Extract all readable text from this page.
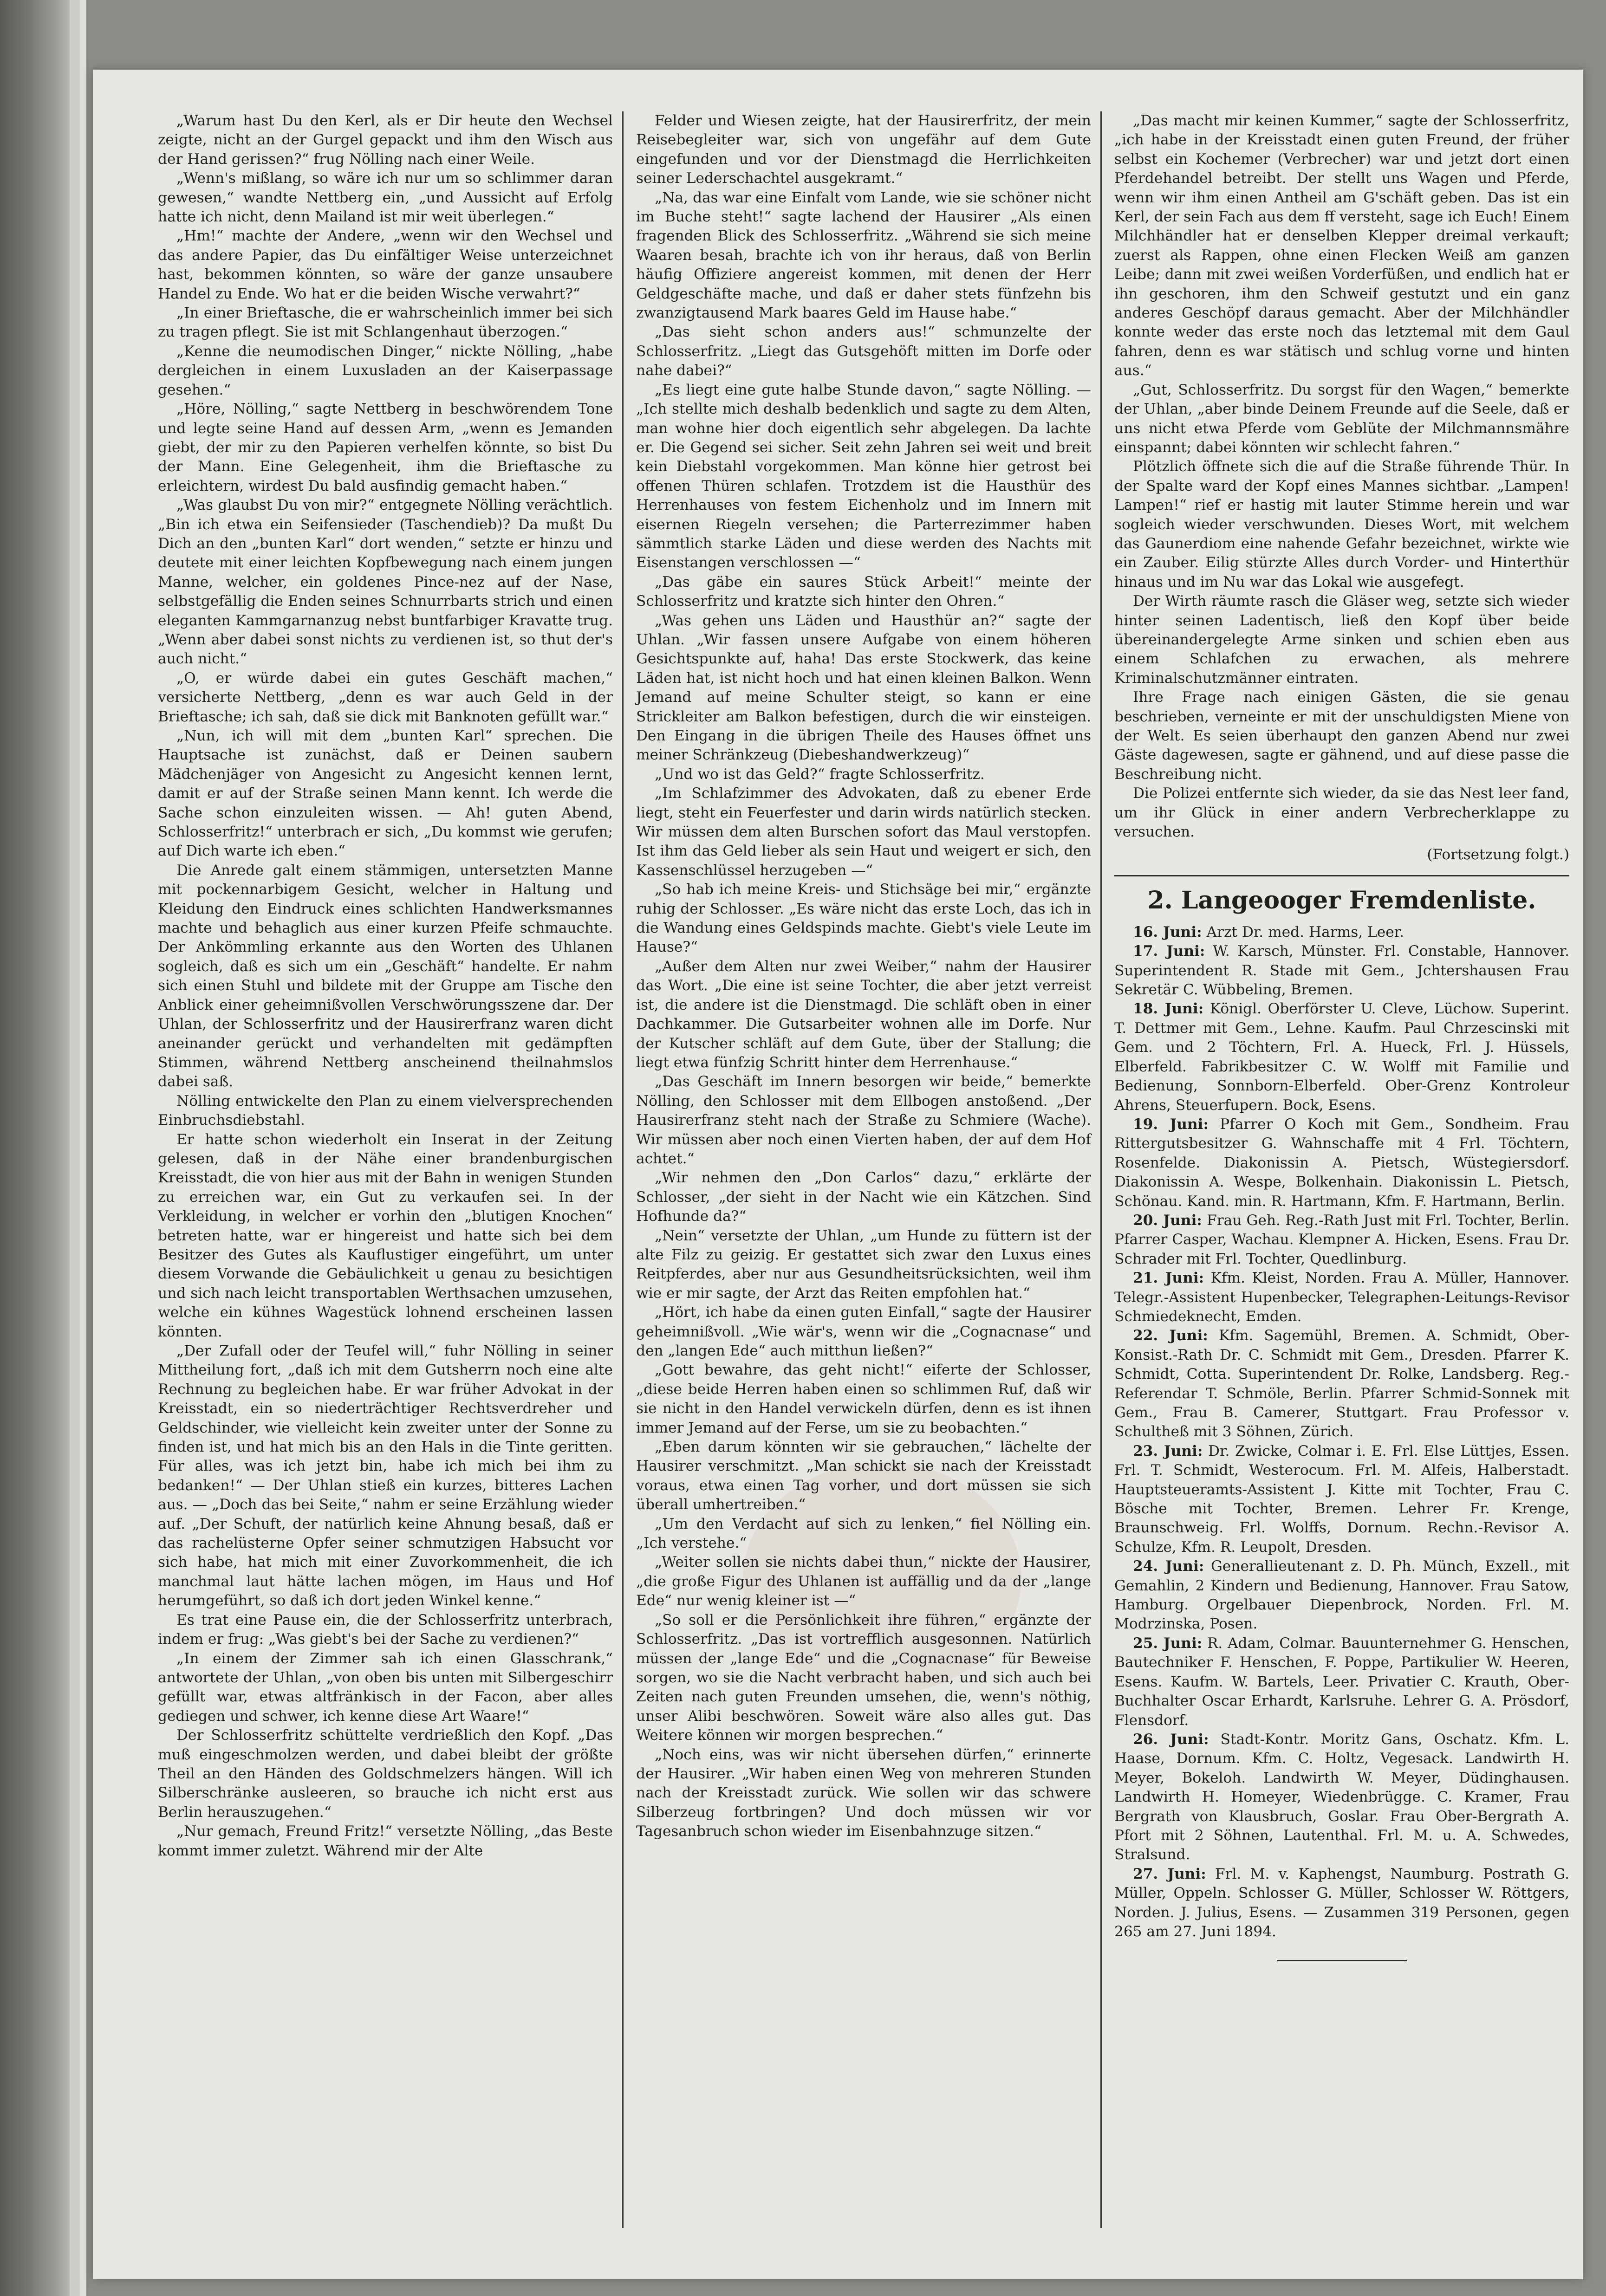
„Warum hast Du den Kerl, als er Dir heute den Wechsel zeigte, nicht an der Gurgel gepackt und ihm den Wisch aus der Hand gerissen?“ frug Nölling nach einer Weile.

„Wenn's mißlang, so wäre ich nur um so schlimmer daran gewesen,“ wandte Nettberg ein, „und Aussicht auf Erfolg hatte ich nicht, denn Mailand ist mir weit überlegen.“

„Hm!“ machte der Andere, „wenn wir den Wechsel und das andere Papier, das Du einfältiger Weise unterzeichnet hast, bekommen könnten, so wäre der ganze unsaubere Handel zu Ende. Wo hat er die beiden Wische verwahrt?“

„In einer Brieftasche, die er wahrscheinlich immer bei sich zu tragen pflegt. Sie ist mit Schlangenhaut überzogen.“

„Kenne die neumodischen Dinger,“ nickte Nölling, „habe dergleichen in einem Luxusladen an der Kaiserpassage gesehen.“

„Höre, Nölling,“ sagte Nettberg in beschwörendem Tone und legte seine Hand auf dessen Arm, „wenn es Jemanden giebt, der mir zu den Papieren verhelfen könnte, so bist Du der Mann. Eine Gelegenheit, ihm die Brieftasche zu erleichtern, wirdest Du bald ausfindig gemacht haben.“

„Was glaubst Du von mir?“ entgegnete Nölling verächtlich. „Bin ich etwa ein Seifensieder (Taschendieb)? Da mußt Du Dich an den „bunten Karl“ dort wenden,“ setzte er hinzu und deutete mit einer leichten Kopfbewegung nach einem jungen Manne, welcher, ein goldenes Pince-nez auf der Nase, selbstgefällig die Enden seines Schnurrbarts strich und einen eleganten Kammgarnanzug nebst buntfarbiger Kravatte trug. „Wenn aber dabei sonst nichts zu verdienen ist, so thut der's auch nicht.“

„O, er würde dabei ein gutes Geschäft machen,“ versicherte Nettberg, „denn es war auch Geld in der Brieftasche; ich sah, daß sie dick mit Banknoten gefüllt war.“

„Nun, ich will mit dem „bunten Karl“ sprechen. Die Hauptsache ist zunächst, daß er Deinen saubern Mädchenjäger von Angesicht zu Angesicht kennen lernt, damit er auf der Straße seinen Mann kennt. Ich werde die Sache schon einzuleiten wissen. — Ah! guten Abend, Schlosserfritz!“ unterbrach er sich, „Du kommst wie gerufen; auf Dich warte ich eben.“

Die Anrede galt einem stämmigen, untersetzten Manne mit pockennarbigem Gesicht, welcher in Haltung und Kleidung den Eindruck eines schlichten Handwerksmannes machte und behaglich aus einer kurzen Pfeife schmauchte. Der Ankömmling erkannte aus den Worten des Uhlanen sogleich, daß es sich um ein „Geschäft“ handelte. Er nahm sich einen Stuhl und bildete mit der Gruppe am Tische den Anblick einer geheimnißvollen Verschwörungsszene dar. Der Uhlan, der Schlosserfritz und der Hausirerfranz waren dicht aneinander gerückt und verhandelten mit gedämpften Stimmen, während Nettberg anscheinend theilnahmslos dabei saß.

Nölling entwickelte den Plan zu einem vielversprechenden Einbruchsdiebstahl.

Er hatte schon wiederholt ein Inserat in der Zeitung gelesen, daß in der Nähe einer brandenburgischen Kreisstadt, die von hier aus mit der Bahn in wenigen Stunden zu erreichen war, ein Gut zu verkaufen sei. In der Verkleidung, in welcher er vorhin den „blutigen Knochen“ betreten hatte, war er hingereist und hatte sich bei dem Besitzer des Gutes als Kauflustiger eingeführt, um unter diesem Vorwande die Gebäulichkeit u genau zu besichtigen und sich nach leicht transportablen Werthsachen umzusehen, welche ein kühnes Wagestück lohnend erscheinen lassen könnten.

„Der Zufall oder der Teufel will,“ fuhr Nölling in seiner Mittheilung fort, „daß ich mit dem Gutsherrn noch eine alte Rechnung zu begleichen habe. Er war früher Advokat in der Kreisstadt, ein so niederträchtiger Rechtsverdreher und Geldschinder, wie vielleicht kein zweiter unter der Sonne zu finden ist, und hat mich bis an den Hals in die Tinte geritten. Für alles, was ich jetzt bin, habe ich mich bei ihm zu bedanken!“ — Der Uhlan stieß ein kurzes, bitteres Lachen aus. — „Doch das bei Seite,“ nahm er seine Erzählung wieder auf. „Der Schuft, der natürlich keine Ahnung besaß, daß er das rachelüsterne Opfer seiner schmutzigen Habsucht vor sich habe, hat mich mit einer Zuvorkommenheit, die ich manchmal laut hätte lachen mögen, im Haus und Hof herumgeführt, so daß ich dort jeden Winkel kenne.“

Es trat eine Pause ein, die der Schlosserfritz unterbrach, indem er frug: „Was giebt's bei der Sache zu verdienen?“

„In einem der Zimmer sah ich einen Glasschrank,“ antwortete der Uhlan, „von oben bis unten mit Silbergeschirr gefüllt war, etwas altfränkisch in der Facon, aber alles gediegen und schwer, ich kenne diese Art Waare!“

Der Schlosserfritz schüttelte verdrießlich den Kopf. „Das muß eingeschmolzen werden, und dabei bleibt der größte Theil an den Händen des Goldschmelzers hängen. Will ich Silberschränke ausleeren, so brauche ich nicht erst aus Berlin herauszugehen.“

„Nur gemach, Freund Fritz!“ versetzte Nölling, „das Beste kommt immer zuletzt. Während mir der Alte

Felder und Wiesen zeigte, hat der Hausirerfritz, der mein Reisebegleiter war, sich von ungefähr auf dem Gute eingefunden und vor der Dienstmagd die Herrlichkeiten seiner Lederschachtel ausgekramt.“

„Na, das war eine Einfalt vom Lande, wie sie schöner nicht im Buche steht!“ sagte lachend der Hausirer „Als einen fragenden Blick des Schlosserfritz. „Während sie sich meine Waaren besah, brachte ich von ihr heraus, daß von Berlin häufig Offiziere angereist kommen, mit denen der Herr Geldgeschäfte mache, und daß er daher stets fünfzehn bis zwanzigtausend Mark baares Geld im Hause habe.“

„Das sieht schon anders aus!“ schmunzelte der Schlosserfritz. „Liegt das Gutsgehöft mitten im Dorfe oder nahe dabei?“

„Es liegt eine gute halbe Stunde davon,“ sagte Nölling. — „Ich stellte mich deshalb bedenklich und sagte zu dem Alten, man wohne hier doch eigentlich sehr abgelegen. Da lachte er. Die Gegend sei sicher. Seit zehn Jahren sei weit und breit kein Diebstahl vorgekommen. Man könne hier getrost bei offenen Thüren schlafen. Trotzdem ist die Hausthür des Herrenhauses von festem Eichenholz und im Innern mit eisernen Riegeln versehen; die Parterrezimmer haben sämmtlich starke Läden und diese werden des Nachts mit Eisenstangen verschlossen —“

„Das gäbe ein saures Stück Arbeit!“ meinte der Schlosserfritz und kratzte sich hinter den Ohren.“

„Was gehen uns Läden und Hausthür an?“ sagte der Uhlan. „Wir fassen unsere Aufgabe von einem höheren Gesichtspunkte auf, haha! Das erste Stockwerk, das keine Läden hat, ist nicht hoch und hat einen kleinen Balkon. Wenn Jemand auf meine Schulter steigt, so kann er eine Strickleiter am Balkon befestigen, durch die wir einsteigen. Den Eingang in die übrigen Theile des Hauses öffnet uns meiner Schränkzeug (Diebeshandwerkzeug)“

„Und wo ist das Geld?“ fragte Schlosserfritz.

„Im Schlafzimmer des Advokaten, daß zu ebener Erde liegt, steht ein Feuerfester und darin wirds natürlich stecken. Wir müssen dem alten Burschen sofort das Maul verstopfen. Ist ihm das Geld lieber als sein Haut und weigert er sich, den Kassenschlüssel herzugeben —“

„So hab ich meine Kreis- und Stichsäge bei mir,“ ergänzte ruhig der Schlosser. „Es wäre nicht das erste Loch, das ich in die Wandung eines Geldspinds machte. Giebt's viele Leute im Hause?“

„Außer dem Alten nur zwei Weiber,“ nahm der Hausirer das Wort. „Die eine ist seine Tochter, die aber jetzt verreist ist, die andere ist die Dienstmagd. Die schläft oben in einer Dachkammer. Die Gutsarbeiter wohnen alle im Dorfe. Nur der Kutscher schläft auf dem Gute, über der Stallung; die liegt etwa fünfzig Schritt hinter dem Herrenhause.“

„Das Geschäft im Innern besorgen wir beide,“ bemerkte Nölling, den Schlosser mit dem Ellbogen anstoßend. „Der Hausirerfranz steht nach der Straße zu Schmiere (Wache). Wir müssen aber noch einen Vierten haben, der auf dem Hof achtet.“

„Wir nehmen den „Don Carlos“ dazu,“ erklärte der Schlosser, „der sieht in der Nacht wie ein Kätzchen. Sind Hofhunde da?“

„Nein“ versetzte der Uhlan, „um Hunde zu füttern ist der alte Filz zu geizig. Er gestattet sich zwar den Luxus eines Reitpferdes, aber nur aus Gesundheitsrücksichten, weil ihm wie er mir sagte, der Arzt das Reiten empfohlen hat.“

„Hört, ich habe da einen guten Einfall,“ sagte der Hausirer geheimnißvoll. „Wie wär's, wenn wir die „Cognacnase“ und den „langen Ede“ auch mitthun ließen?“

„Gott bewahre, das geht nicht!“ eiferte der Schlosser, „diese beide Herren haben einen so schlimmen Ruf, daß wir sie nicht in den Handel verwickeln dürfen, denn es ist ihnen immer Jemand auf der Ferse, um sie zu beobachten.“

„Eben darum könnten wir sie gebrauchen,“ lächelte der Hausirer verschmitzt. „Man schickt sie nach der Kreisstadt voraus, etwa einen Tag vorher, und dort müssen sie sich überall umhertreiben.“

„Um den Verdacht auf sich zu lenken,“ fiel Nölling ein. „Ich verstehe.“

„Weiter sollen sie nichts dabei thun,“ nickte der Hausirer, „die große Figur des Uhlanen ist auffällig und da der „lange Ede“ nur wenig kleiner ist —“

„So soll er die Persönlichkeit ihre führen,“ ergänzte der Schlosserfritz. „Das ist vortrefflich ausgesonnen. Natürlich müssen der „lange Ede“ und die „Cognacnase“ für Beweise sorgen, wo sie die Nacht verbracht haben, und sich auch bei Zeiten nach guten Freunden umsehen, die, wenn's nöthig, unser Alibi beschwören. Soweit wäre also alles gut. Das Weitere können wir morgen besprechen.“

„Noch eins, was wir nicht übersehen dürfen,“ erinnerte der Hausirer. „Wir haben einen Weg von mehreren Stunden nach der Kreisstadt zurück. Wie sollen wir das schwere Silberzeug fortbringen? Und doch müssen wir vor Tagesanbruch schon wieder im Eisenbahnzuge sitzen.“

„Das macht mir keinen Kummer,“ sagte der Schlosserfritz, „ich habe in der Kreisstadt einen guten Freund, der früher selbst ein Kochemer (Verbrecher) war und jetzt dort einen Pferdehandel betreibt. Der stellt uns Wagen und Pferde, wenn wir ihm einen Antheil am G'schäft geben. Das ist ein Kerl, der sein Fach aus dem ff versteht, sage ich Euch! Einem Milchhändler hat er denselben Klepper dreimal verkauft; zuerst als Rappen, ohne einen Flecken Weiß am ganzen Leibe; dann mit zwei weißen Vorderfüßen, und endlich hat er ihn geschoren, ihm den Schweif gestutzt und ein ganz anderes Geschöpf daraus gemacht. Aber der Milchhändler konnte weder das erste noch das letztemal mit dem Gaul fahren, denn es war stätisch und schlug vorne und hinten aus.“

„Gut, Schlosserfritz. Du sorgst für den Wagen,“ bemerkte der Uhlan, „aber binde Deinem Freunde auf die Seele, daß er uns nicht etwa Pferde vom Geblüte der Milchmannsmähre einspannt; dabei könnten wir schlecht fahren.“

Plötzlich öffnete sich die auf die Straße führende Thür. In der Spalte ward der Kopf eines Mannes sichtbar. „Lampen! Lampen!“ rief er hastig mit lauter Stimme herein und war sogleich wieder verschwunden. Dieses Wort, mit welchem das Gaunerdiom eine nahende Gefahr bezeichnet, wirkte wie ein Zauber. Eilig stürzte Alles durch Vorder- und Hinterthür hinaus und im Nu war das Lokal wie ausgefegt.

Der Wirth räumte rasch die Gläser weg, setzte sich wieder hinter seinen Ladentisch, ließ den Kopf über beide übereinandergelegte Arme sinken und schien eben aus einem Schlafchen zu erwachen, als mehrere Kriminalschutzmänner eintraten.

Ihre Frage nach einigen Gästen, die sie genau beschrieben, verneinte er mit der unschuldigsten Miene von der Welt. Es seien überhaupt den ganzen Abend nur zwei Gäste dagewesen, sagte er gähnend, und auf diese passe die Beschreibung nicht.

Die Polizei entfernte sich wieder, da sie das Nest leer fand, um ihr Glück in einer andern Verbrecherklappe zu versuchen.

(Fortsetzung folgt.)

2. Langeooger Fremdenliste.

16. Juni: Arzt Dr. med. Harms, Leer.

17. Juni: W. Karsch, Münster. Frl. Constable, Hannover. Superintendent R. Stade mit Gem., Jchtershausen Frau Sekretär C. Wübbeling, Bremen.

18. Juni: Königl. Oberförster U. Cleve, Lüchow. Superint. T. Dettmer mit Gem., Lehne. Kaufm. Paul Chrzescinski mit Gem. und 2 Töchtern, Frl. A. Hueck, Frl. J. Hüssels, Elberfeld. Fabrikbesitzer C. W. Wolff mit Familie und Bedienung, Sonnborn-Elberfeld. Ober-Grenz Kontroleur Ahrens, Steuerfupern. Bock, Esens.

19. Juni: Pfarrer O Koch mit Gem., Sondheim. Frau Rittergutsbesitzer G. Wahnschaffe mit 4 Frl. Töchtern, Rosenfelde. Diakonissin A. Pietsch, Wüstegiersdorf. Diakonissin A. Wespe, Bolkenhain. Diakonissin L. Pietsch, Schönau. Kand. min. R. Hartmann, Kfm. F. Hartmann, Berlin.

20. Juni: Frau Geh. Reg.-Rath Just mit Frl. Tochter, Berlin. Pfarrer Casper, Wachau. Klempner A. Hicken, Esens. Frau Dr. Schrader mit Frl. Tochter, Quedlinburg.

21. Juni: Kfm. Kleist, Norden. Frau A. Müller, Hannover. Telegr.-Assistent Hupenbecker, Telegraphen-Leitungs-Revisor Schmiedeknecht, Emden.

22. Juni: Kfm. Sagemühl, Bremen. A. Schmidt, Ober-Konsist.-Rath Dr. C. Schmidt mit Gem., Dresden. Pfarrer K. Schmidt, Cotta. Superintendent Dr. Rolke, Landsberg. Reg.-Referendar T. Schmöle, Berlin. Pfarrer Schmid-Sonnek mit Gem., Frau B. Camerer, Stuttgart. Frau Professor v. Schultheß mit 3 Söhnen, Zürich.

23. Juni: Dr. Zwicke, Colmar i. E. Frl. Else Lüttjes, Essen. Frl. T. Schmidt, Westerocum. Frl. M. Alfeis, Halberstadt. Hauptsteueramts-Assistent J. Kitte mit Tochter, Frau C. Bösche mit Tochter, Bremen. Lehrer Fr. Krenge, Braunschweig. Frl. Wolffs, Dornum. Rechn.-Revisor A. Schulze, Kfm. R. Leupolt, Dresden.

24. Juni: Generallieutenant z. D. Ph. Münch, Exzell., mit Gemahlin, 2 Kindern und Bedienung, Hannover. Frau Satow, Hamburg. Orgelbauer Diepenbrock, Norden. Frl. M. Modrzinska, Posen.

25. Juni: R. Adam, Colmar. Bauunternehmer G. Henschen, Bautechniker F. Henschen, F. Poppe, Partikulier W. Heeren, Esens. Kaufm. W. Bartels, Leer. Privatier C. Krauth, Ober-Buchhalter Oscar Erhardt, Karlsruhe. Lehrer G. A. Prösdorf, Flensdorf.

26. Juni: Stadt-Kontr. Moritz Gans, Oschatz. Kfm. L. Haase, Dornum. Kfm. C. Holtz, Vegesack. Landwirth H. Meyer, Bokeloh. Landwirth W. Meyer, Düdinghausen. Landwirth H. Homeyer, Wiedenbrügge. C. Kramer, Frau Bergrath von Klausbruch, Goslar. Frau Ober-Bergrath A. Pfort mit 2 Söhnen, Lautenthal. Frl. M. u. A. Schwedes, Stralsund.

27. Juni: Frl. M. v. Kaphengst, Naumburg. Postrath G. Müller, Oppeln. Schlosser G. Müller, Schlosser W. Röttgers, Norden. J. Julius, Esens. — Zusammen 319 Personen, gegen 265 am 27. Juni 1894.
